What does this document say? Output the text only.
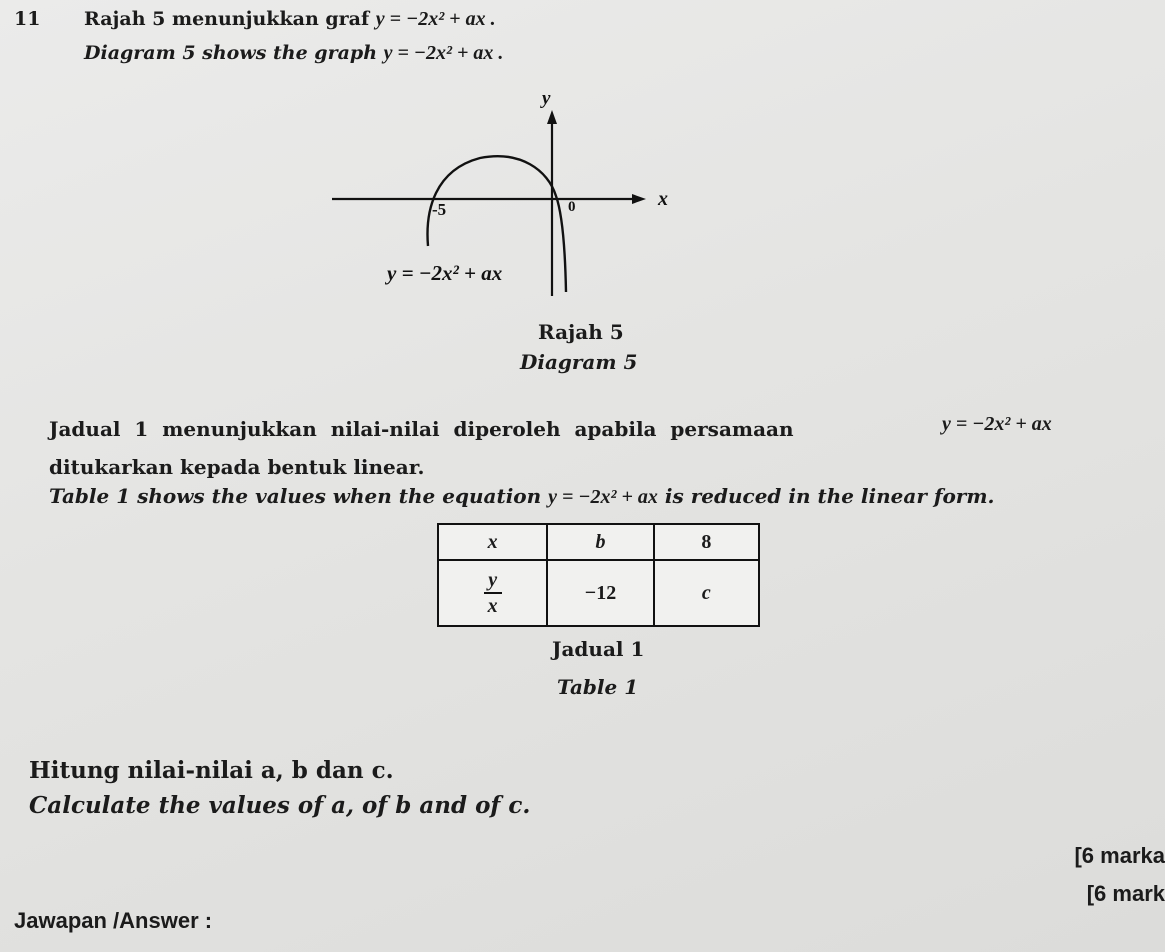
11 Rajah 5 menunjukkan graf y = −2x² + ax .
Diagram 5 shows the graph y = −2x² + ax .
y
x
-5	0
y = −2x² + ax
Rajah 5
Diagram 5
Jadual  1  menunjukkan  nilai-nilai  diperoleh  apabila  persamaan	y = −2x² + ax
ditukarkan kepada bentuk linear.
Table 1 shows the values when the equation y = −2x² + ax is reduced in the linear form.
x	b	8

$\frac{y}{x}$	−12	c
Jadual 1
Table 1
Hitung nilai-nilai a, b dan c.
Calculate the values of a, of b and of c.
[6 marka
[6 mark
Jawapan /Answer :
